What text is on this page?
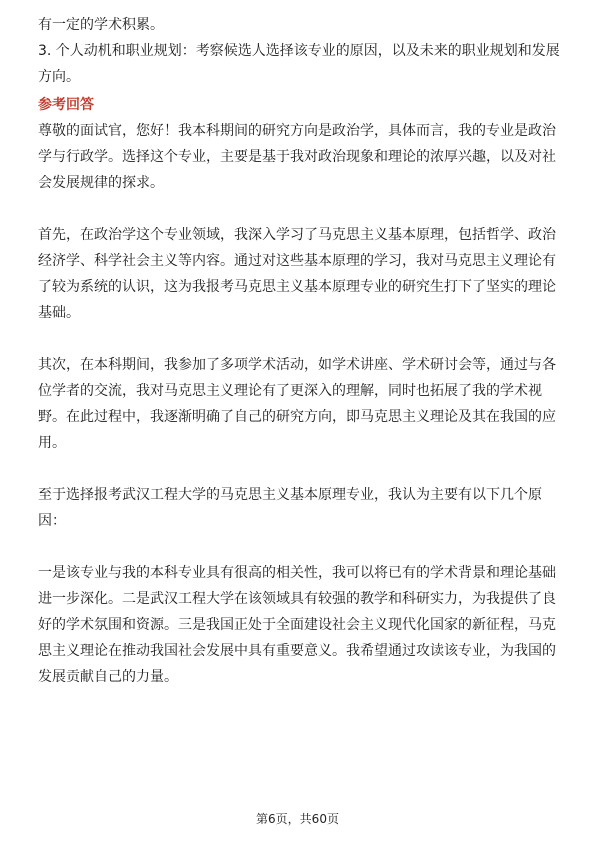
有一定的学术积累。

3. 个人动机和职业规划：考察候选人选择该专业的原因，以及未来的职业规划和发展方向。

参考回答

尊敬的面试官，您好！我本科期间的研究方向是政治学，具体而言，我的专业是政治学与行政学。选择这个专业，主要是基于我对政治现象和理论的浓厚兴趣，以及对社会发展规律的探求。

首先，在政治学这个专业领域，我深入学习了马克思主义基本原理，包括哲学、政治经济学、科学社会主义等内容。通过对这些基本原理的学习，我对马克思主义理论有了较为系统的认识，这为我报考马克思主义基本原理专业的研究生打下了坚实的理论基础。

其次，在本科期间，我参加了多项学术活动，如学术讲座、学术研讨会等，通过与各位学者的交流，我对马克思主义理论有了更深入的理解，同时也拓展了我的学术视野。在此过程中，我逐渐明确了自己的研究方向，即马克思主义理论及其在我国的应用。

至于选择报考武汉工程大学的马克思主义基本原理专业，我认为主要有以下几个原因：

一是该专业与我的本科专业具有很高的相关性，我可以将已有的学术背景和理论基础进一步深化。二是武汉工程大学在该领域具有较强的教学和科研实力，为我提供了良好的学术氛围和资源。三是我国正处于全面建设社会主义现代化国家的新征程，马克思主义理论在推动我国社会发展中具有重要意义。我希望通过攻读该专业，为我国的发展贡献自己的力量。

第6页，共60页
